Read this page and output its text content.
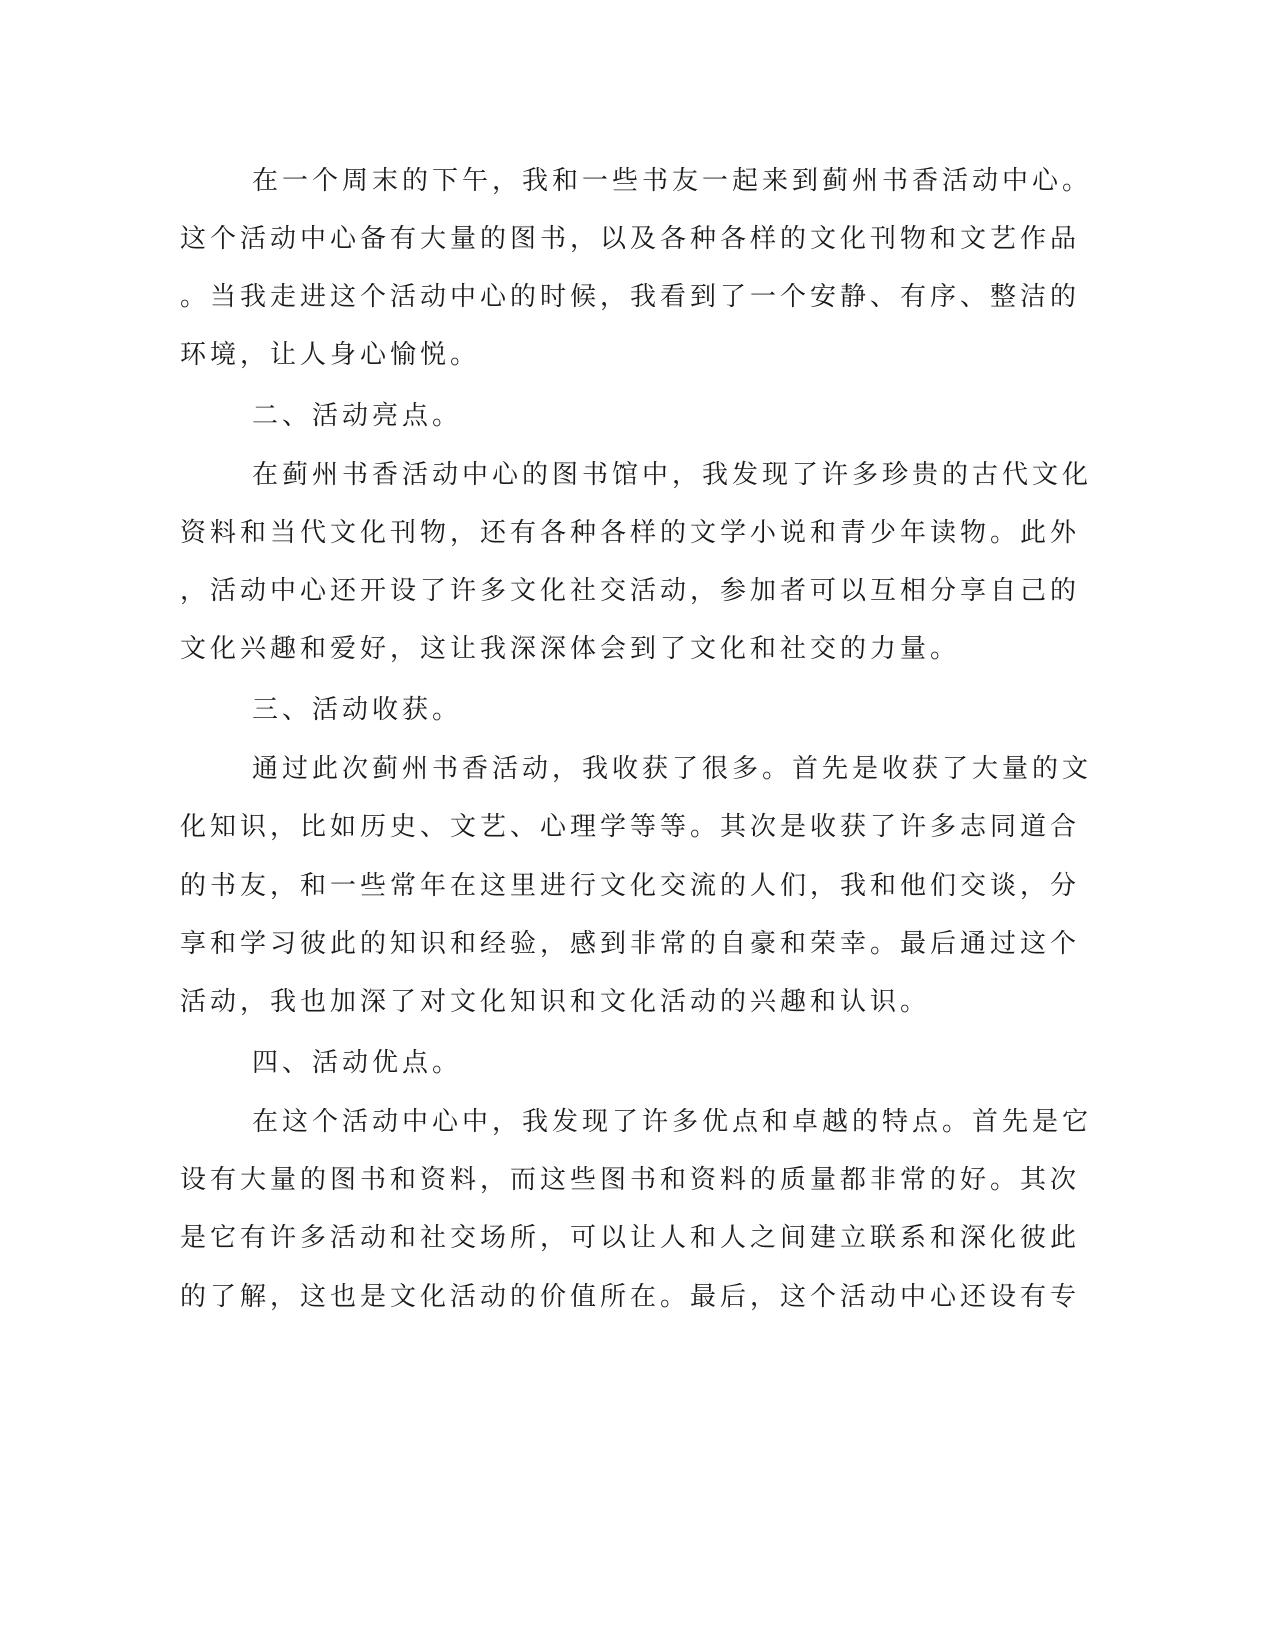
在一个周末的下午，我和一些书友一起来到蓟州书香活动中心。
这个活动中心备有大量的图书，以及各种各样的文化刊物和文艺作品
。当我走进这个活动中心的时候，我看到了一个安静、有序、整洁的
环境，让人身心愉悦。
二、活动亮点。
在蓟州书香活动中心的图书馆中，我发现了许多珍贵的古代文化
资料和当代文化刊物，还有各种各样的文学小说和青少年读物。此外
，活动中心还开设了许多文化社交活动，参加者可以互相分享自己的
文化兴趣和爱好，这让我深深体会到了文化和社交的力量。
三、活动收获。
通过此次蓟州书香活动，我收获了很多。首先是收获了大量的文
化知识，比如历史、文艺、心理学等等。其次是收获了许多志同道合
的书友，和一些常年在这里进行文化交流的人们，我和他们交谈，分
享和学习彼此的知识和经验，感到非常的自豪和荣幸。最后通过这个
活动，我也加深了对文化知识和文化活动的兴趣和认识。
四、活动优点。
在这个活动中心中，我发现了许多优点和卓越的特点。首先是它
设有大量的图书和资料，而这些图书和资料的质量都非常的好。其次
是它有许多活动和社交场所，可以让人和人之间建立联系和深化彼此
的了解，这也是文化活动的价值所在。最后，这个活动中心还设有专
